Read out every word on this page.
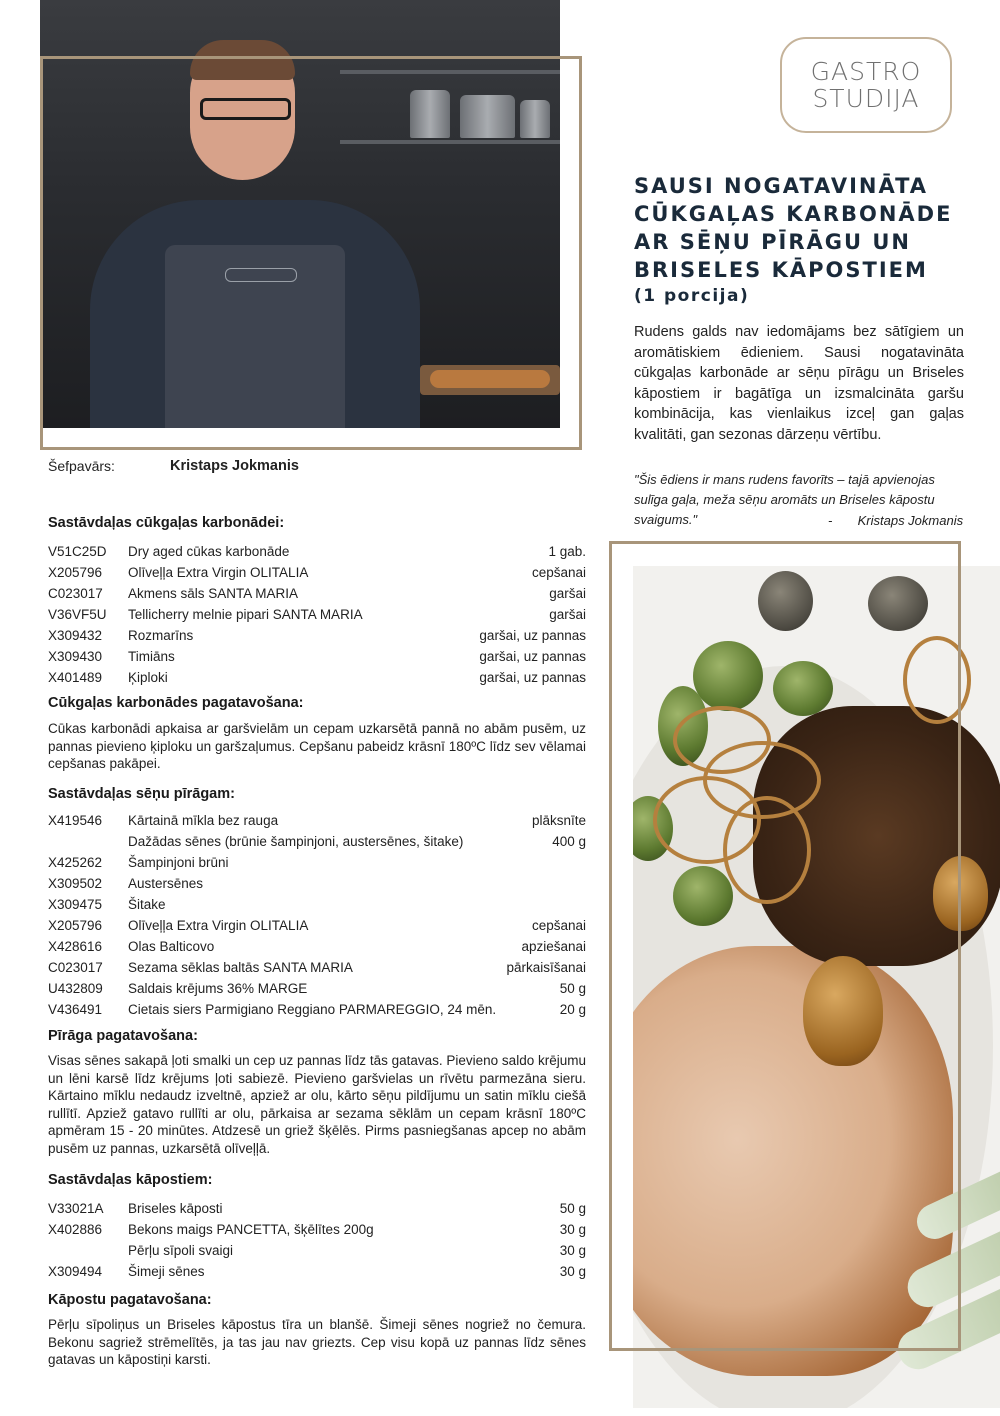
GASTRO
STUDIJA
SAUSI NOGATAVINĀTA CŪKGAĻAS KARBONĀDE AR SĒŅU PĪRĀGU UN BRISELES KĀPOSTIEM
(1 porcija)
Rudens galds nav iedomājams bez sātīgiem un aromātiskiem ēdieniem. Sausi nogatavināta cūkgaļas karbonāde ar sēņu pīrāgu un Briseles kāpostiem ir bagātīga un izsmalcināta garšu kombinācija, kas vienlaikus izceļ gan gaļas kvalitāti, gan sezonas dārzeņu vērtību.
"Šis ēdiens ir mans rudens favorīts – tajā apvienojas sulīga gaļa, meža sēņu aromāts un Briseles kāpostu svaigums."	-       Kristaps Jokmanis
Šefpavārs:	Kristaps Jokmanis
Sastāvdaļas cūkgaļas karbonādei:
V51C25D	Dry aged cūkas karbonāde	1 gab.
X205796	Olīveļļa Extra Virgin OLITALIA	cepšanai
C023017	Akmens sāls SANTA MARIA	garšai
V36VF5U	Tellicherry melnie pipari SANTA MARIA	garšai
X309432	Rozmarīns	garšai, uz pannas
X309430	Timiāns	garšai, uz pannas
X401489	Ķiploki	garšai, uz pannas
Cūkgaļas karbonādes pagatavošana:
Cūkas karbonādi apkaisa ar garšvielām un cepam uzkarsētā pannā no abām pusēm, uz pannas pievieno ķiploku un garšzaļumus. Cepšanu pabeidz krāsnī 180ºC līdz sev vēlamai cepšanas pakāpei.
Sastāvdaļas sēņu pīrāgam:
X419546	Kārtainā mīkla bez rauga	plāksnīte
Dažādas sēnes (brūnie šampinjoni, austersēnes, šitake)	400 g
X425262	Šampinjoni brūni
X309502	Austersēnes
X309475	Šitake
X205796	Olīveļļa Extra Virgin OLITALIA	cepšanai
X428616	Olas Balticovo	apziešanai
C023017	Sezama sēklas baltās SANTA MARIA	pārkaisīšanai
U432809	Saldais krējums 36% MARGE	50 g
V436491	Cietais siers Parmigiano Reggiano PARMAREGGIO, 24 mēn.	20 g
Pīrāga pagatavošana:
Visas sēnes sakapā ļoti smalki un cep uz pannas līdz tās gatavas. Pievieno saldo krējumu un lēni karsē līdz krējums ļoti sabiezē. Pievieno garšvielas un rīvētu parmezāna sieru. Kārtaino mīklu nedaudz izveltnē, apziež ar olu, kārto sēņu pildījumu un satin mīklu ciešā rullītī. Apziež gatavo rullīti ar olu, pārkaisa ar sezama sēklām un cepam krāsnī 180ºC apmēram 15 - 20 minūtes. Atdzesē un griež šķēlēs. Pirms pasniegšanas apcep no abām pusēm uz pannas, uzkarsētā olīveļļā.
Sastāvdaļas kāpostiem:
V33021A	Briseles kāposti	50 g
X402886	Bekons maigs PANCETTA, šķēlītes 200g	30 g
Pērļu sīpoli svaigi	30 g
X309494	Šimeji sēnes	30 g
Kāpostu pagatavošana:
Pērļu sīpoliņus un Briseles kāpostus tīra un blanšē. Šimeji sēnes nogriež no čemura. Bekonu sagriež strēmelītēs, ja tas jau nav griezts. Cep visu kopā uz pannas līdz sēnes gatavas un kāpostiņi karsti.
